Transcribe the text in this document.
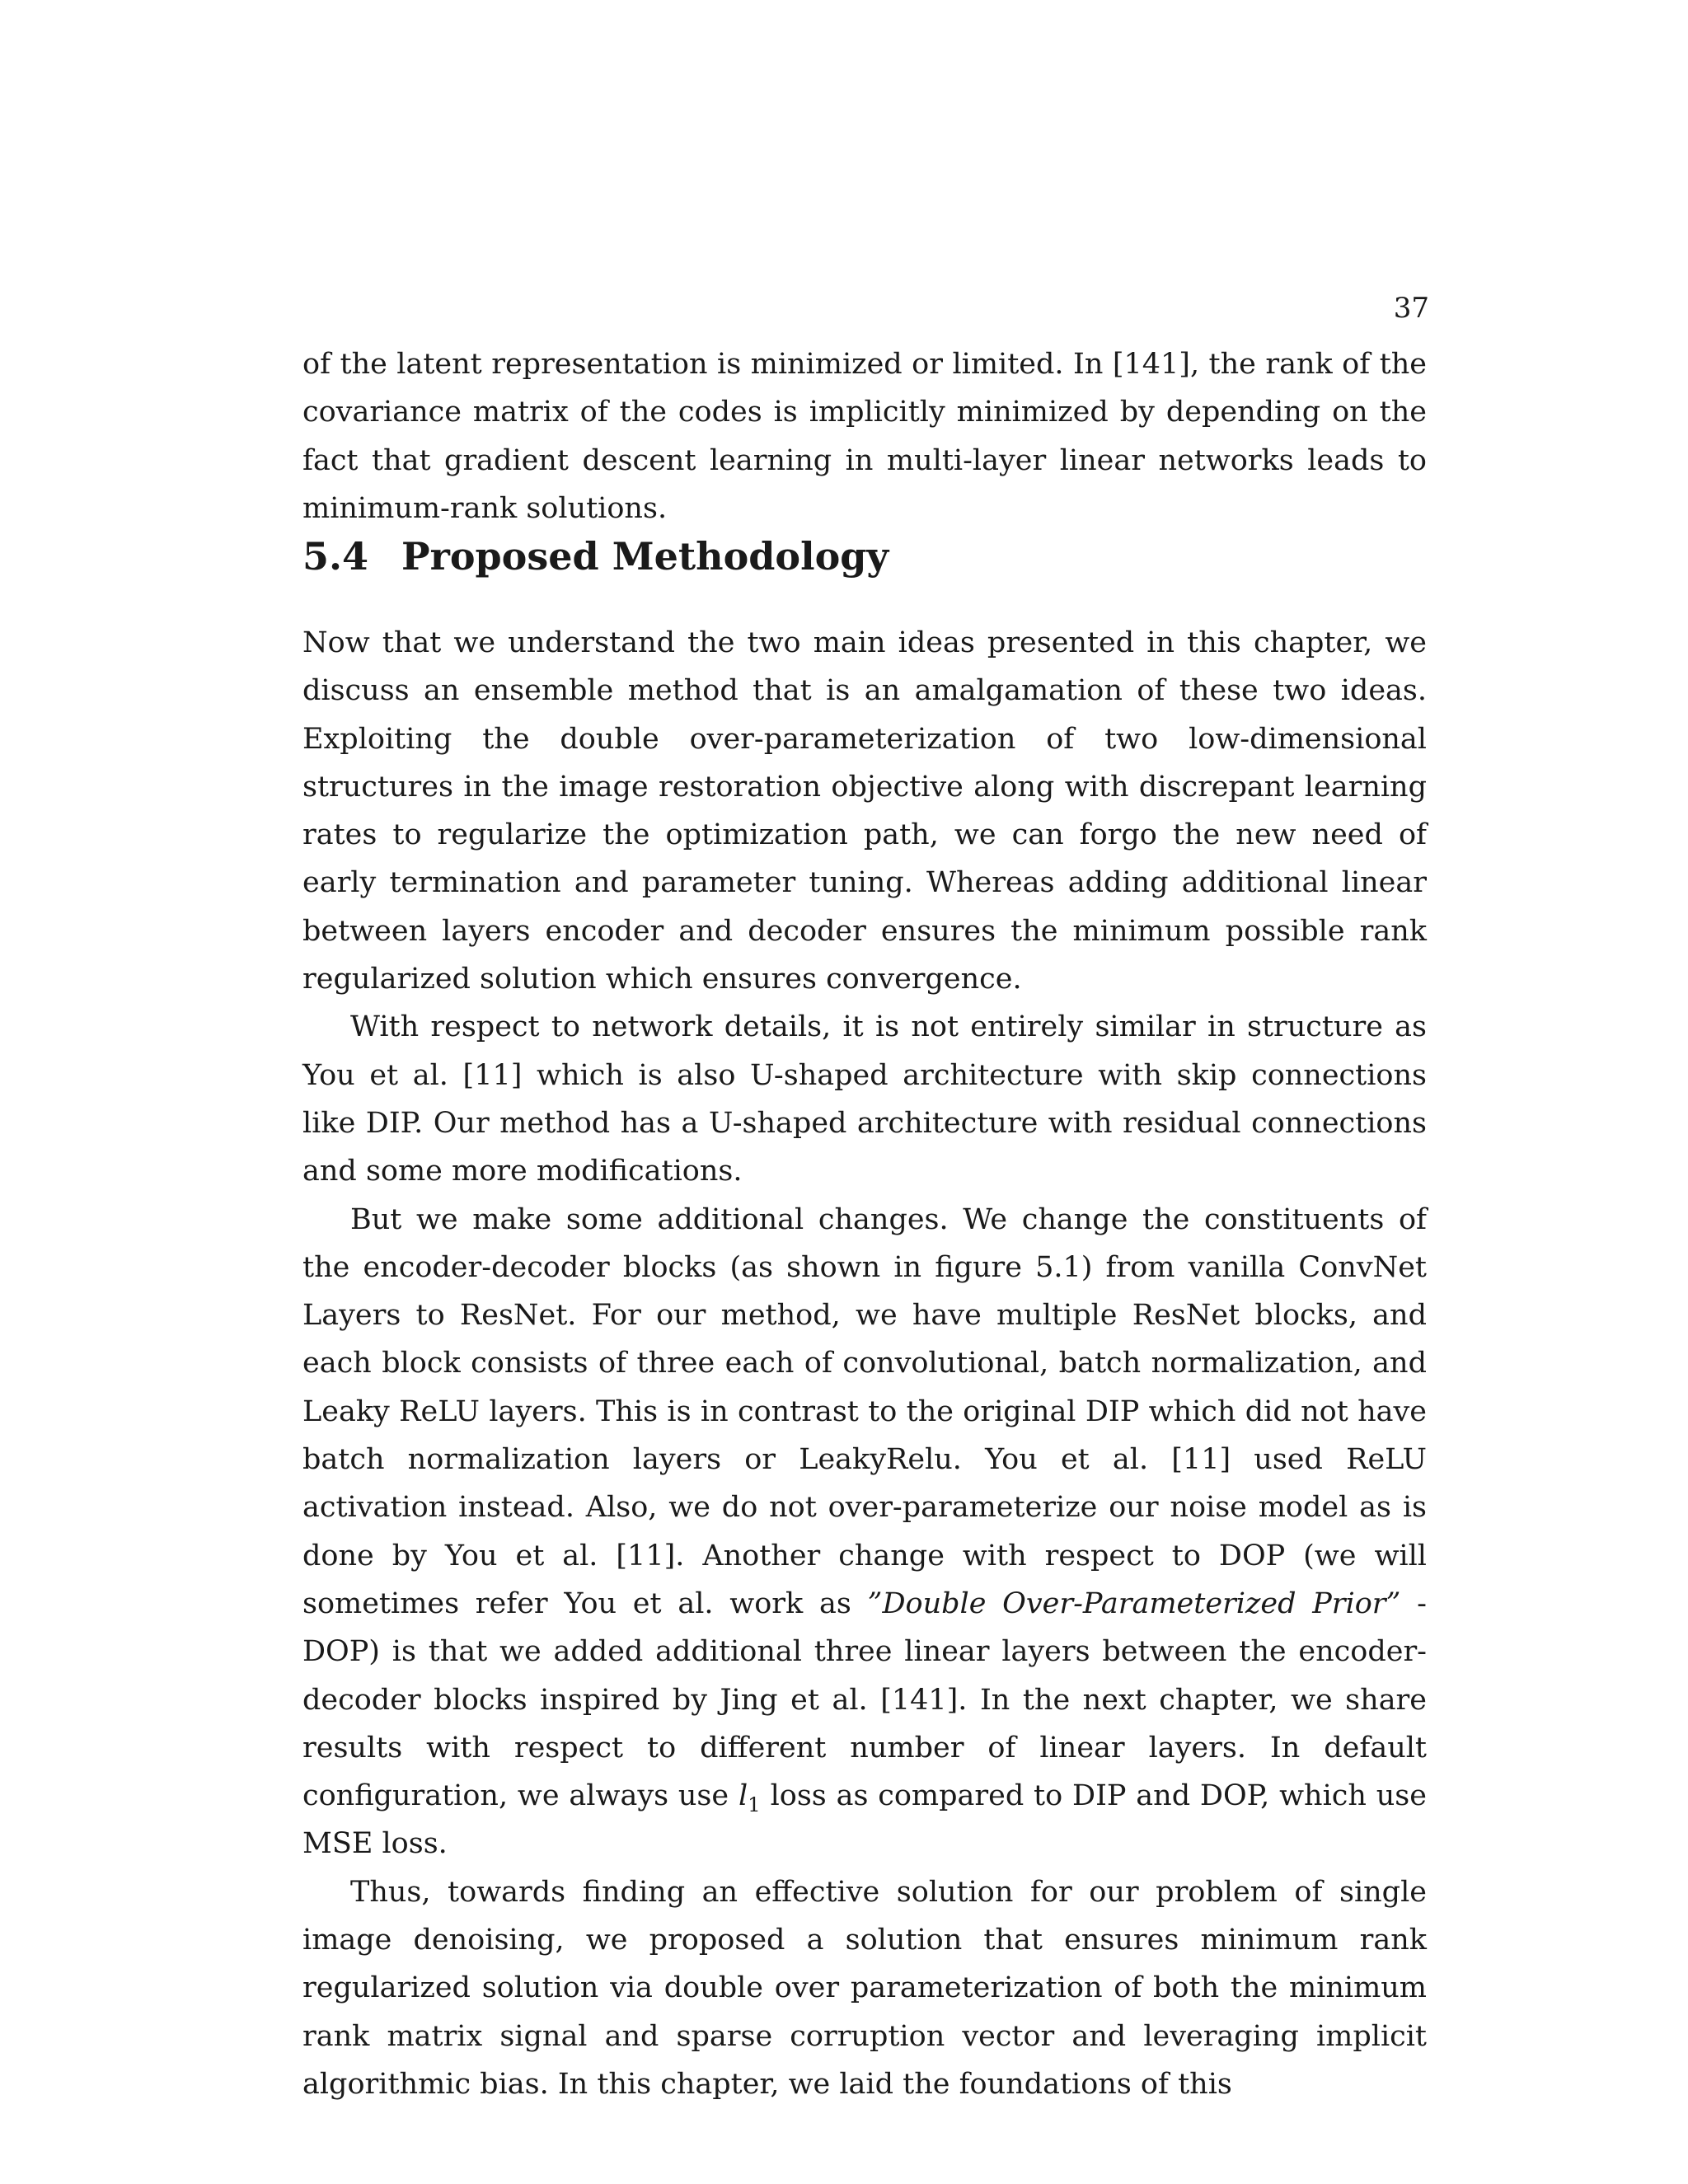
37

of the latent representation is minimized or limited. In [141], the rank of the covariance matrix of the codes is implicitly minimized by depending on the fact that gradient descent learning in multi-layer linear networks leads to minimum-rank solutions.

5.4 Proposed Methodology

Now that we understand the two main ideas presented in this chapter, we discuss an ensemble method that is an amalgamation of these two ideas. Exploiting the double over-parameterization of two low-dimensional structures in the image restoration objective along with discrepant learning rates to regularize the optimization path, we can forgo the new need of early termination and parameter tuning. Whereas adding additional linear between layers encoder and decoder ensures the minimum possible rank regularized solution which ensures convergence.

With respect to network details, it is not entirely similar in structure as You et al. [11] which is also U-shaped architecture with skip connections like DIP. Our method has a U-shaped architecture with residual connections and some more modifications.

But we make some additional changes. We change the constituents of the encoder-decoder blocks (as shown in figure 5.1) from vanilla ConvNet Layers to ResNet. For our method, we have multiple ResNet blocks, and each block consists of three each of convolutional, batch normalization, and Leaky ReLU layers. This is in contrast to the original DIP which did not have batch normalization layers or LeakyRelu. You et al. [11] used ReLU activation instead. Also, we do not over-parameterize our noise model as is done by You et al. [11]. Another change with respect to DOP (we will sometimes refer You et al. work as ”Double Over-Parameterized Prior” - DOP) is that we added additional three linear layers between the encoder-decoder blocks inspired by Jing et al. [141]. In the next chapter, we share results with respect to different number of linear layers. In default configuration, we always use $l_1$ loss as compared to DIP and DOP, which use MSE loss.

Thus, towards finding an effective solution for our problem of single image denoising, we proposed a solution that ensures minimum rank regularized solution via double over parameterization of both the minimum rank matrix signal and sparse corruption vector and leveraging implicit algorithmic bias. In this chapter, we laid the foundations of this
